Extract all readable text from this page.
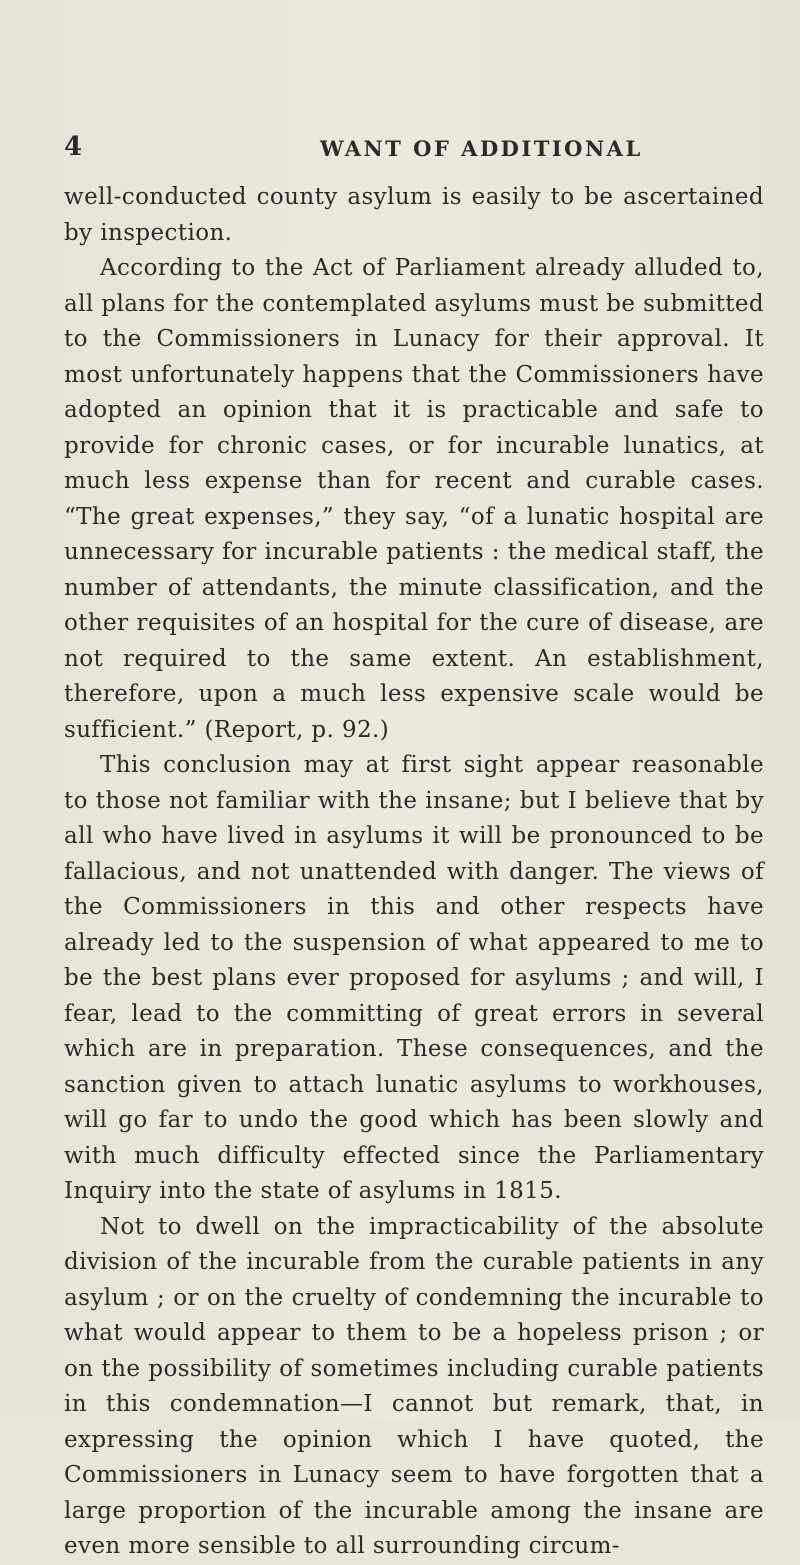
4	WANT OF ADDITIONAL

well-conducted county asylum is easily to be ascertained by inspection.

According to the Act of Parliament already alluded to, all plans for the contemplated asylums must be submitted to the Commissioners in Lunacy for their approval. It most unfortunately happens that the Commissioners have adopted an opinion that it is practicable and safe to provide for chronic cases, or for incurable lunatics, at much less expense than for recent and curable cases. “The great expenses,” they say, “of a lunatic hospital are unnecessary for incurable patients : the medical staff, the number of attendants, the minute classification, and the other requisites of an hospital for the cure of disease, are not required to the same extent. An establishment, therefore, upon a much less expensive scale would be sufficient.” (Report, p. 92.)

This conclusion may at first sight appear reasonable to those not familiar with the insane; but I believe that by all who have lived in asylums it will be pronounced to be fallacious, and not unattended with danger. The views of the Commissioners in this and other respects have already led to the suspension of what appeared to me to be the best plans ever proposed for asylums ; and will, I fear, lead to the committing of great errors in several which are in preparation. These consequences, and the sanction given to attach lunatic asylums to workhouses, will go far to undo the good which has been slowly and with much difficulty effected since the Parliamentary Inquiry into the state of asylums in 1815.

Not to dwell on the impracticability of the absolute division of the incurable from the curable patients in any asylum ; or on the cruelty of condemning the incurable to what would appear to them to be a hopeless prison ; or on the possibility of sometimes including curable patients in this condemnation—I cannot but remark, that, in expressing the opinion which I have quoted, the Commissioners in Lunacy seem to have forgotten that a large proportion of the incurable among the insane are even more sensible to all surrounding circum-
